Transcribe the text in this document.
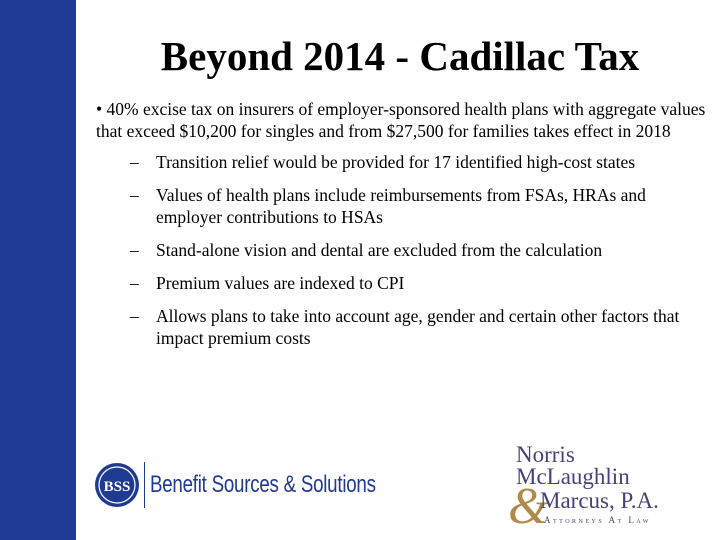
Beyond 2014 - Cadillac Tax
• 40% excise tax on insurers of employer-sponsored health plans with aggregate values that exceed $10,200 for singles and from $27,500 for families takes effect in 2018
– Transition relief would be provided for 17 identified high-cost states
– Values of health plans include reimbursements from FSAs, HRAs and employer contributions to HSAs
– Stand-alone vision and dental are excluded from the calculation
– Premium values are indexed to CPI
– Allows plans to take into account age, gender and certain other factors that impact premium costs
BSS Benefit Sources & Solutions
Norris
McLaughlin
&
Marcus, P.A.
Attorneys At Law
